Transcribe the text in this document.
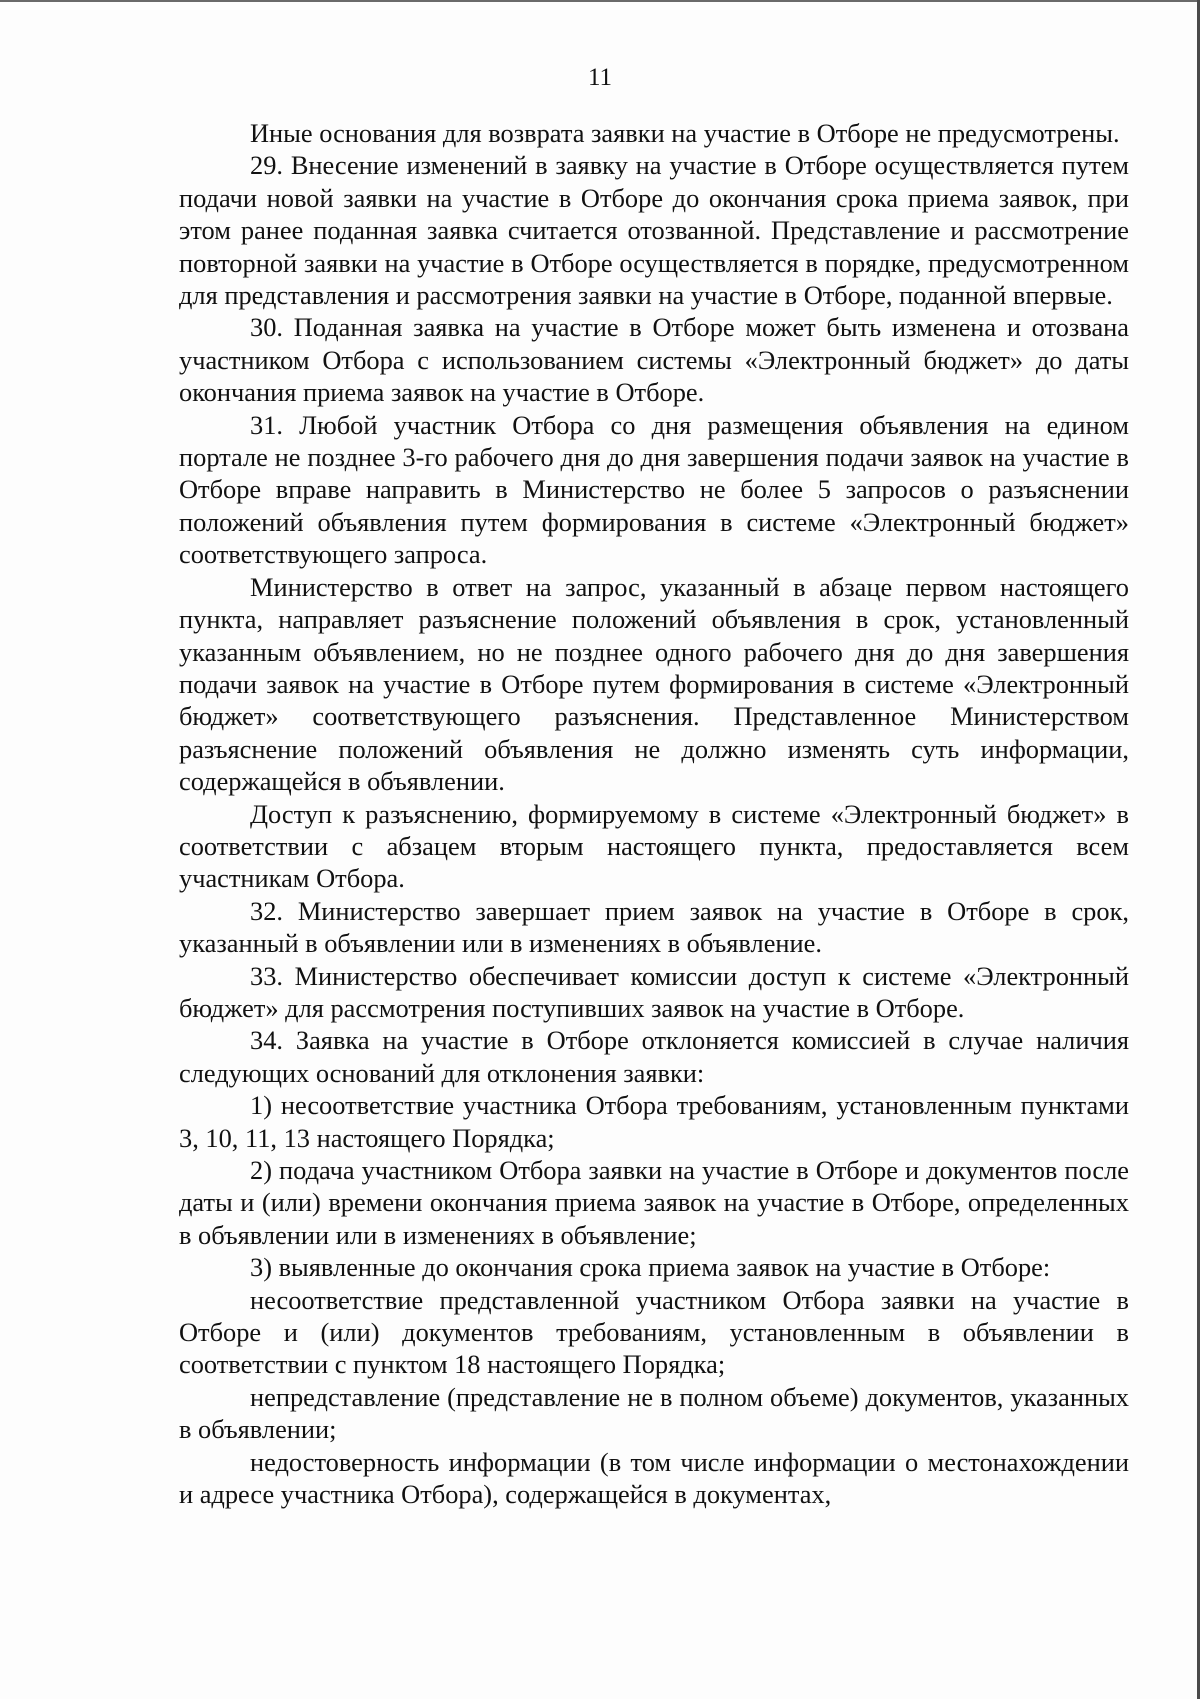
11

Иные основания для возврата заявки на участие в Отборе не предусмотрены.

29. Внесение изменений в заявку на участие в Отборе осуществляется путем подачи новой заявки на участие в Отборе до окончания срока приема заявок, при этом ранее поданная заявка считается отозванной. Представление и рассмотрение повторной заявки на участие в Отборе осуществляется в порядке, предусмотренном для представления и рассмотрения заявки на участие в Отборе, поданной впервые.

30. Поданная заявка на участие в Отборе может быть изменена и отозвана участником Отбора с использованием системы «Электронный бюджет» до даты окончания приема заявок на участие в Отборе.

31. Любой участник Отбора со дня размещения объявления на едином портале не позднее 3-го рабочего дня до дня завершения подачи заявок на участие в Отборе вправе направить в Министерство не более 5 запросов о разъяснении положений объявления путем формирования в системе «Электронный бюджет» соответствующего запроса.

Министерство в ответ на запрос, указанный в абзаце первом настоящего пункта, направляет разъяснение положений объявления в срок, установленный указанным объявлением, но не позднее одного рабочего дня до дня завершения подачи заявок на участие в Отборе путем формирования в системе «Электронный бюджет» соответствующего разъяснения. Представленное Министерством разъяснение положений объявления не должно изменять суть информации, содержащейся в объявлении.

Доступ к разъяснению, формируемому в системе «Электронный бюджет» в соответствии с абзацем вторым настоящего пункта, предоставляется всем участникам Отбора.

32. Министерство завершает прием заявок на участие в Отборе в срок, указанный в объявлении или в изменениях в объявление.

33. Министерство обеспечивает комиссии доступ к системе «Электронный бюджет» для рассмотрения поступивших заявок на участие в Отборе.

34. Заявка на участие в Отборе отклоняется комиссией в случае наличия следующих оснований для отклонения заявки:

1) несоответствие участника Отбора требованиям, установленным пунктами 3, 10, 11, 13 настоящего Порядка;

2) подача участником Отбора заявки на участие в Отборе и документов после даты и (или) времени окончания приема заявок на участие в Отборе, определенных в объявлении или в изменениях в объявление;

3) выявленные до окончания срока приема заявок на участие в Отборе:

несоответствие представленной участником Отбора заявки на участие в Отборе и (или) документов требованиям, установленным в объявлении в соответствии с пунктом 18 настоящего Порядка;

непредставление (представление не в полном объеме) документов, указанных в объявлении;

недостоверность информации (в том числе информации о местонахождении и адресе участника Отбора), содержащейся в документах,
